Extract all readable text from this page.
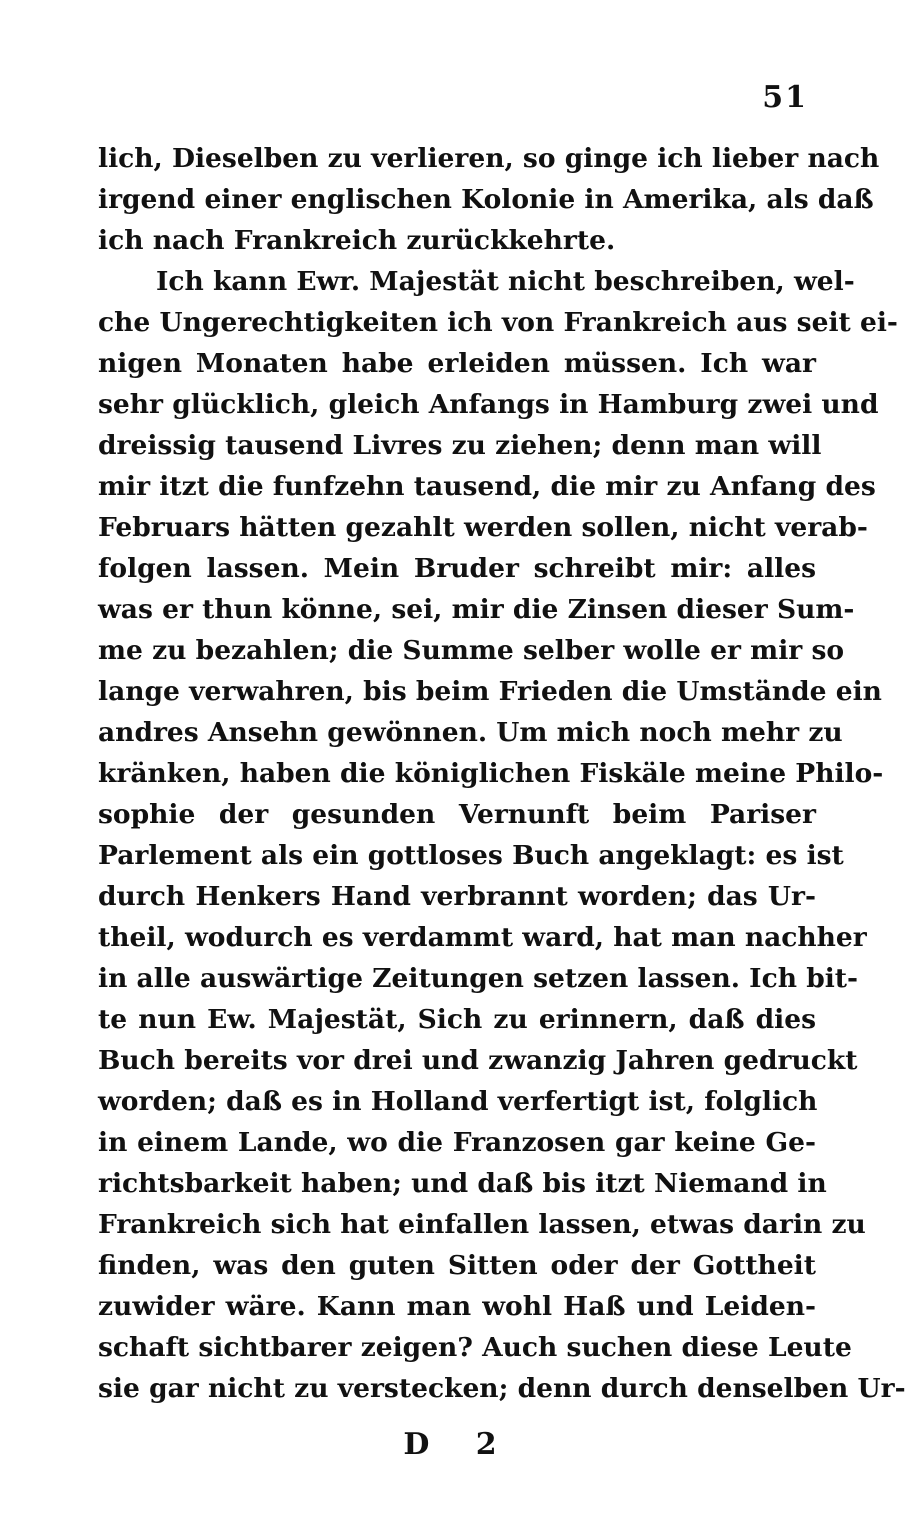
51
lich, Dieselben zu verlieren, so ginge ich lieber nach
irgend einer englischen Kolonie in Amerika, als daß
ich nach Frankreich zurückkehrte.
Ich kann Ewr. Majestät nicht beschreiben, wel-
che Ungerechtigkeiten ich von Frankreich aus seit ei-
nigen Monaten habe erleiden müssen. Ich war
sehr glücklich, gleich Anfangs in Hamburg zwei und
dreissig tausend Livres zu ziehen; denn man will
mir itzt die funfzehn tausend, die mir zu Anfang des
Februars hätten gezahlt werden sollen, nicht verab-
folgen lassen. Mein Bruder schreibt mir: alles
was er thun könne, sei, mir die Zinsen dieser Sum-
me zu bezahlen; die Summe selber wolle er mir so
lange verwahren, bis beim Frieden die Umstände ein
andres Ansehn gewönnen. Um mich noch mehr zu
kränken, haben die königlichen Fiskäle meine Philo-
sophie der gesunden Vernunft beim Pariser
Parlement als ein gottloses Buch angeklagt: es ist
durch Henkers Hand verbrannt worden; das Ur-
theil, wodurch es verdammt ward, hat man nachher
in alle auswärtige Zeitungen setzen lassen. Ich bit-
te nun Ew. Majestät, Sich zu erinnern, daß dies
Buch bereits vor drei und zwanzig Jahren gedruckt
worden; daß es in Holland verfertigt ist, folglich
in einem Lande, wo die Franzosen gar keine Ge-
richtsbarkeit haben; und daß bis itzt Niemand in
Frankreich sich hat einfallen lassen, etwas darin zu
finden, was den guten Sitten oder der Gottheit
zuwider wäre. Kann man wohl Haß und Leiden-
schaft sichtbarer zeigen? Auch suchen diese Leute
sie gar nicht zu verstecken; denn durch denselben Ur-
D 2
